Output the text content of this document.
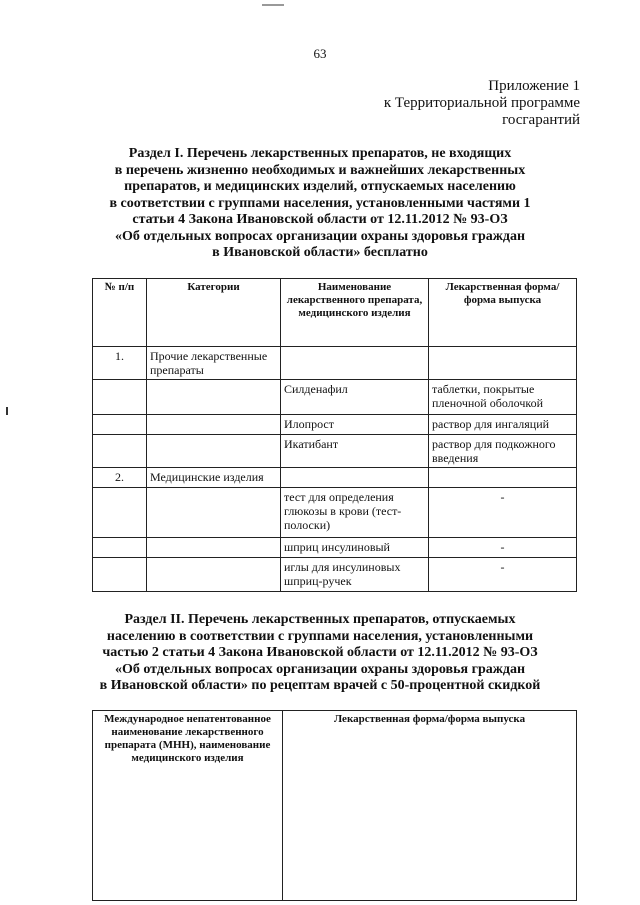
63
Приложение 1
к Территориальной программе
госгарантий
Раздел I. Перечень лекарственных препаратов, не входящих
в перечень жизненно необходимых и важнейших лекарственных
препаратов, и медицинских изделий, отпускаемых населению
в соответствии с группами населения, установленными частями 1
статьи 4 Закона Ивановской области от 12.11.2012 № 93-ОЗ
«Об отдельных вопросах организации охраны здоровья граждан
в Ивановской области» бесплатно
№ п/п	Категории	Наименование лекарственного препарата, медицинского изделия	Лекарственная форма/форма выпуска
1.	Прочие лекарственные препараты		
		Силденафил	таблетки, покрытые пленочной оболочкой
		Илопрост	раствор для ингаляций
		Икатибант	раствор для подкожного введения
2.	Медицинские изделия		
		тест для определения глюкозы в крови (тест-полоски)	-
		шприц инсулиновый	-
		иглы для инсулиновых шприц-ручек	-
Раздел II. Перечень лекарственных препаратов, отпускаемых
населению в соответствии с группами населения, установленными
частью 2 статьи 4 Закона Ивановской области от 12.11.2012 № 93-ОЗ
«Об отдельных вопросах организации охраны здоровья граждан
в Ивановской области» по рецептам врачей с 50-процентной скидкой
Международное непатентованное наименование лекарственного препарата (МНН), наименование медицинского изделия	Лекарственная форма/форма выпуска
